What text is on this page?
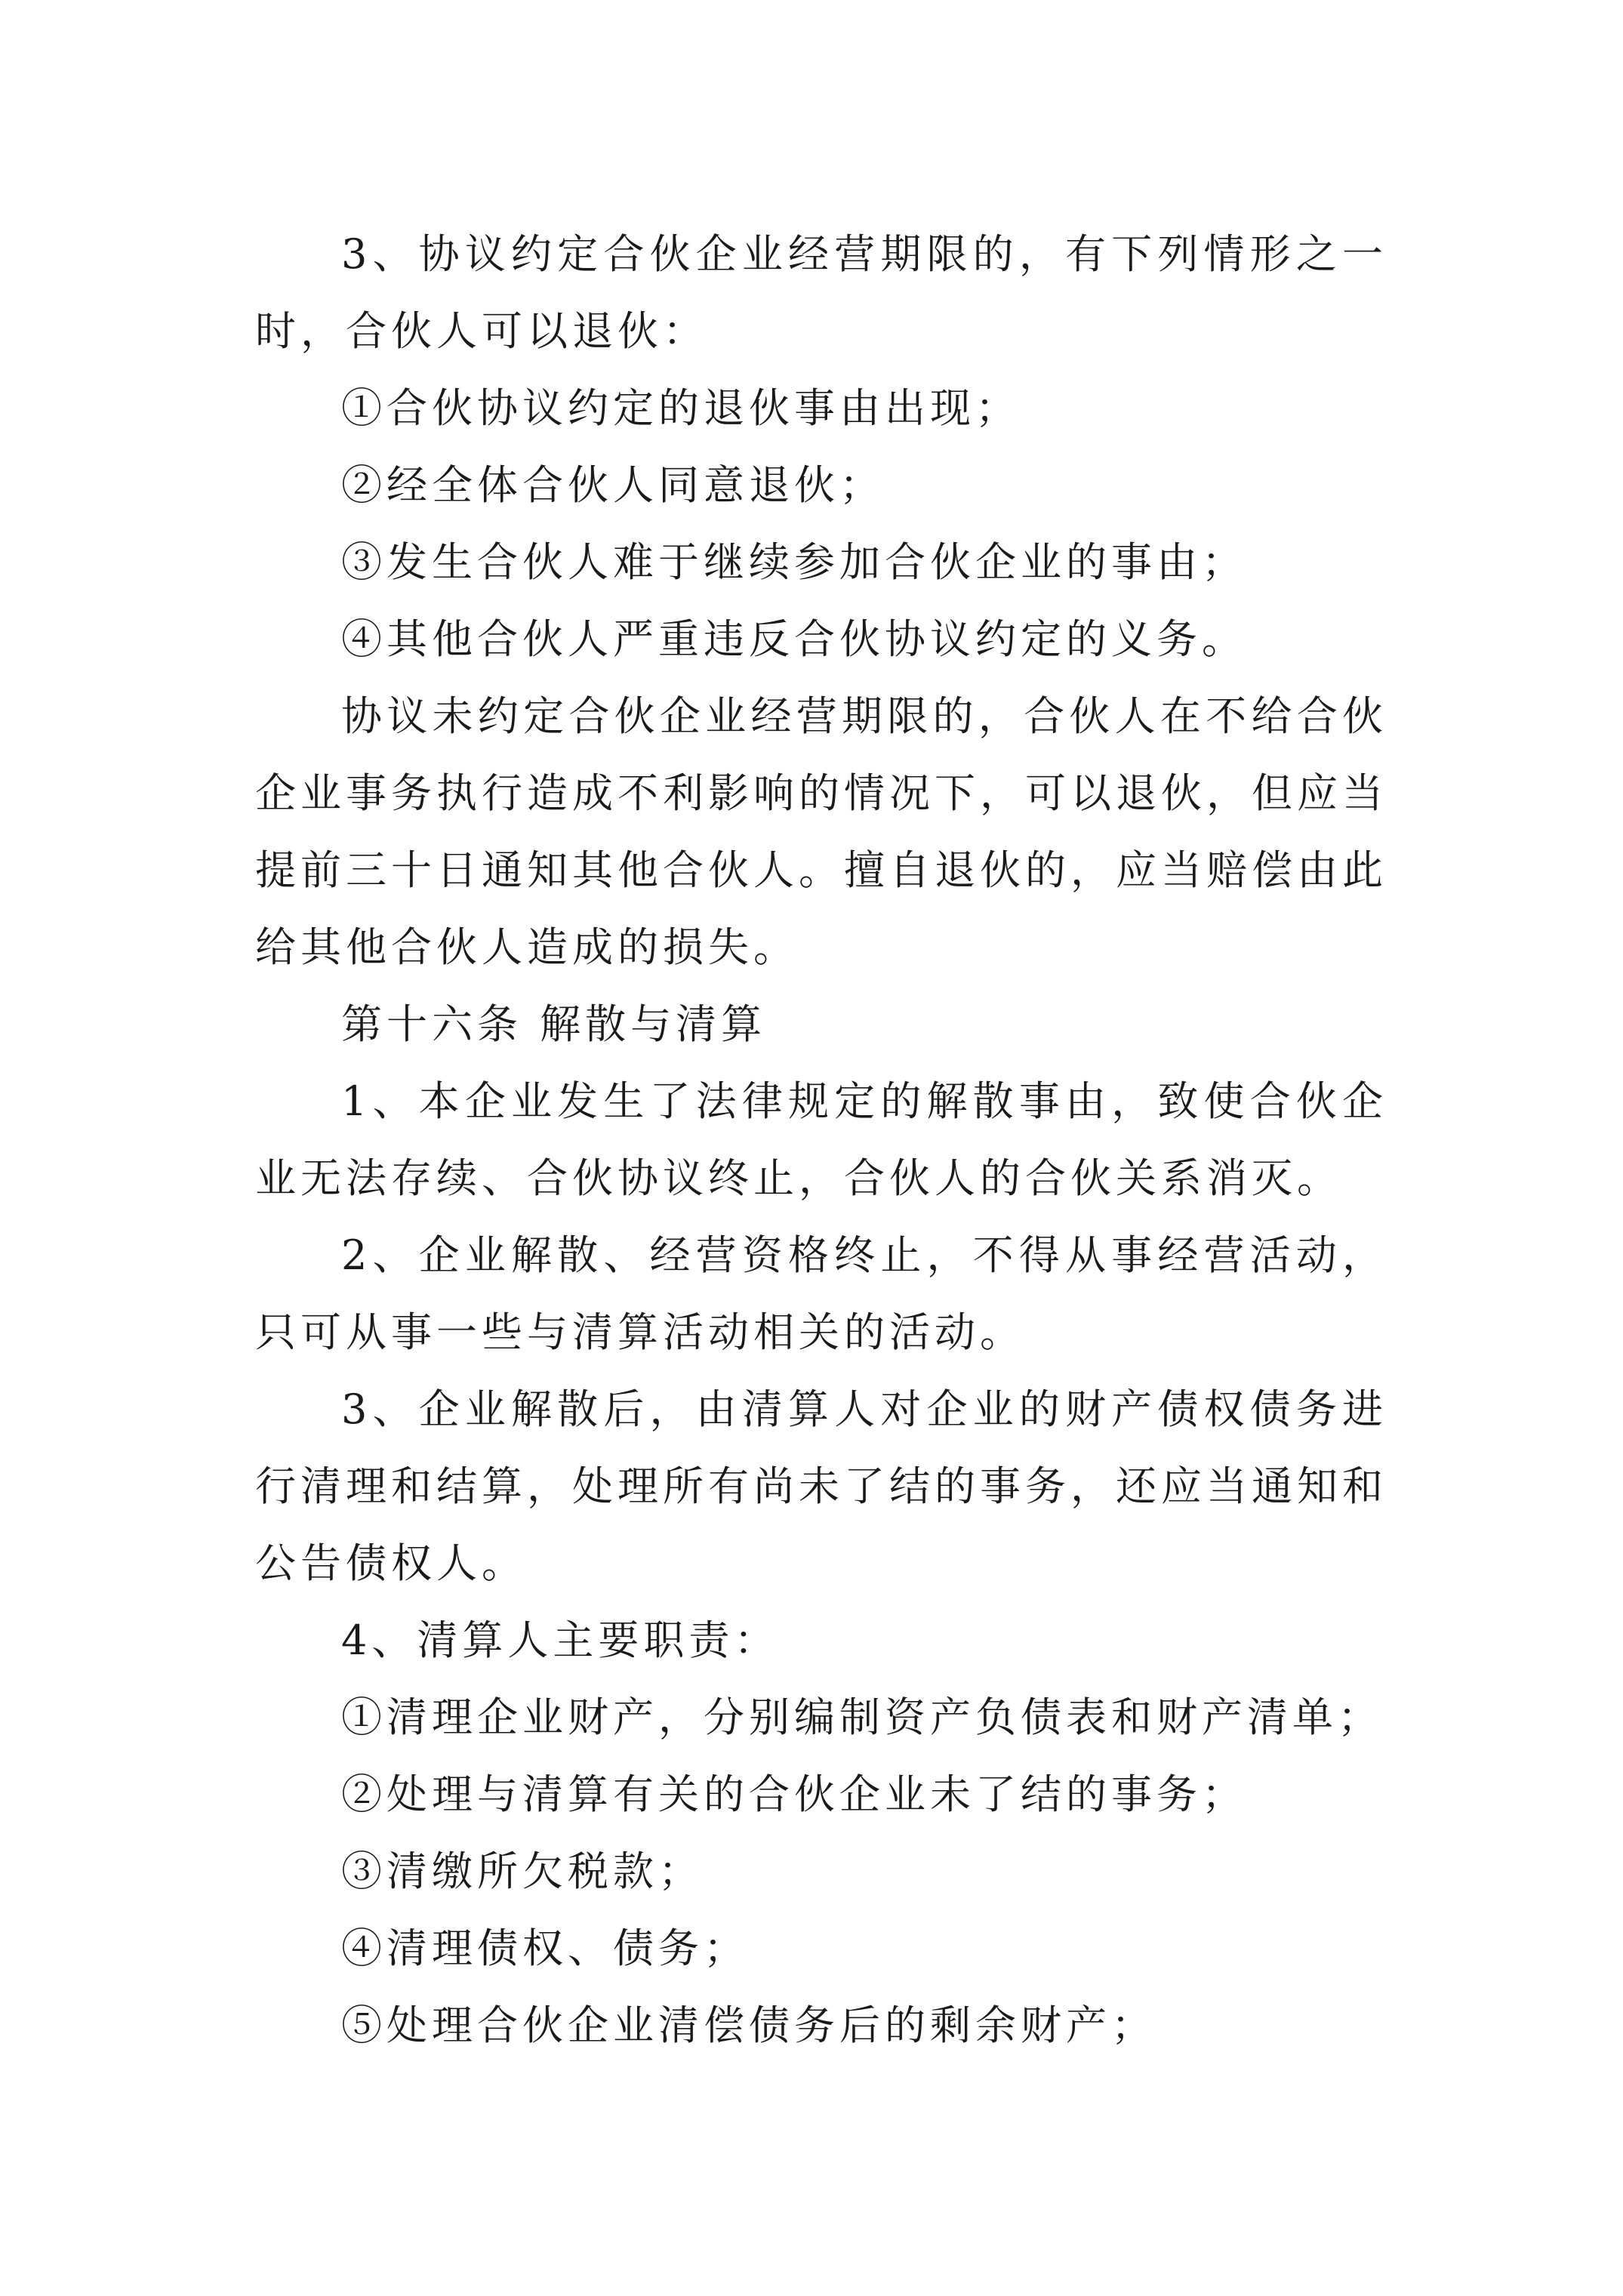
3、协议约定合伙企业经营期限的，有下列情形之一时，合伙人可以退伙：

①合伙协议约定的退伙事由出现；

②经全体合伙人同意退伙；

③发生合伙人难于继续参加合伙企业的事由；

④其他合伙人严重违反合伙协议约定的义务。

协议未约定合伙企业经营期限的，合伙人在不给合伙企业事务执行造成不利影响的情况下，可以退伙，但应当提前三十日通知其他合伙人。擅自退伙的，应当赔偿由此给其他合伙人造成的损失。

第十六条 解散与清算

1、本企业发生了法律规定的解散事由，致使合伙企业无法存续、合伙协议终止，合伙人的合伙关系消灭。

2、企业解散、经营资格终止，不得从事经营活动，只可从事一些与清算活动相关的活动。

3、企业解散后，由清算人对企业的财产债权债务进行清理和结算，处理所有尚未了结的事务，还应当通知和公告债权人。

4、清算人主要职责：

①清理企业财产，分别编制资产负债表和财产清单；

②处理与清算有关的合伙企业未了结的事务；

③清缴所欠税款；

④清理债权、债务；

⑤处理合伙企业清偿债务后的剩余财产；
